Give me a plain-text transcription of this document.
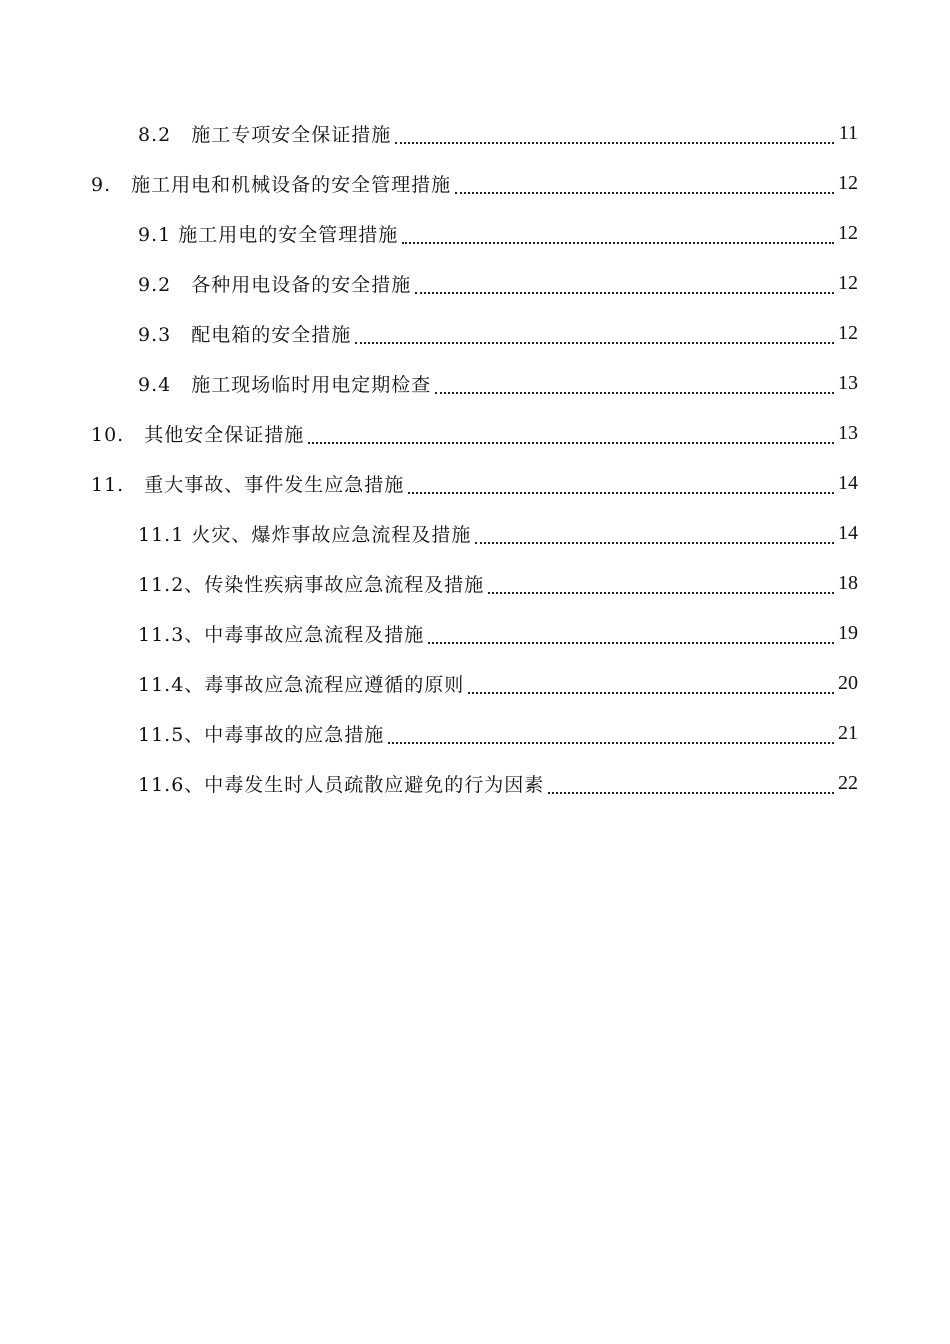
8.2　施工专项安全保证措施	11
9.　施工用电和机械设备的安全管理措施	12
9.1 施工用电的安全管理措施	12
9.2　各种用电设备的安全措施	12
9.3　配电箱的安全措施	12
9.4　施工现场临时用电定期检查	13
10.　其他安全保证措施	13
11.　重大事故、事件发生应急措施	14
11.1 火灾、爆炸事故应急流程及措施	14
11.2、传染性疾病事故应急流程及措施	18
11.3、中毒事故应急流程及措施	19
11.4、毒事故应急流程应遵循的原则	20
11.5、中毒事故的应急措施	21
11.6、中毒发生时人员疏散应避免的行为因素	22
